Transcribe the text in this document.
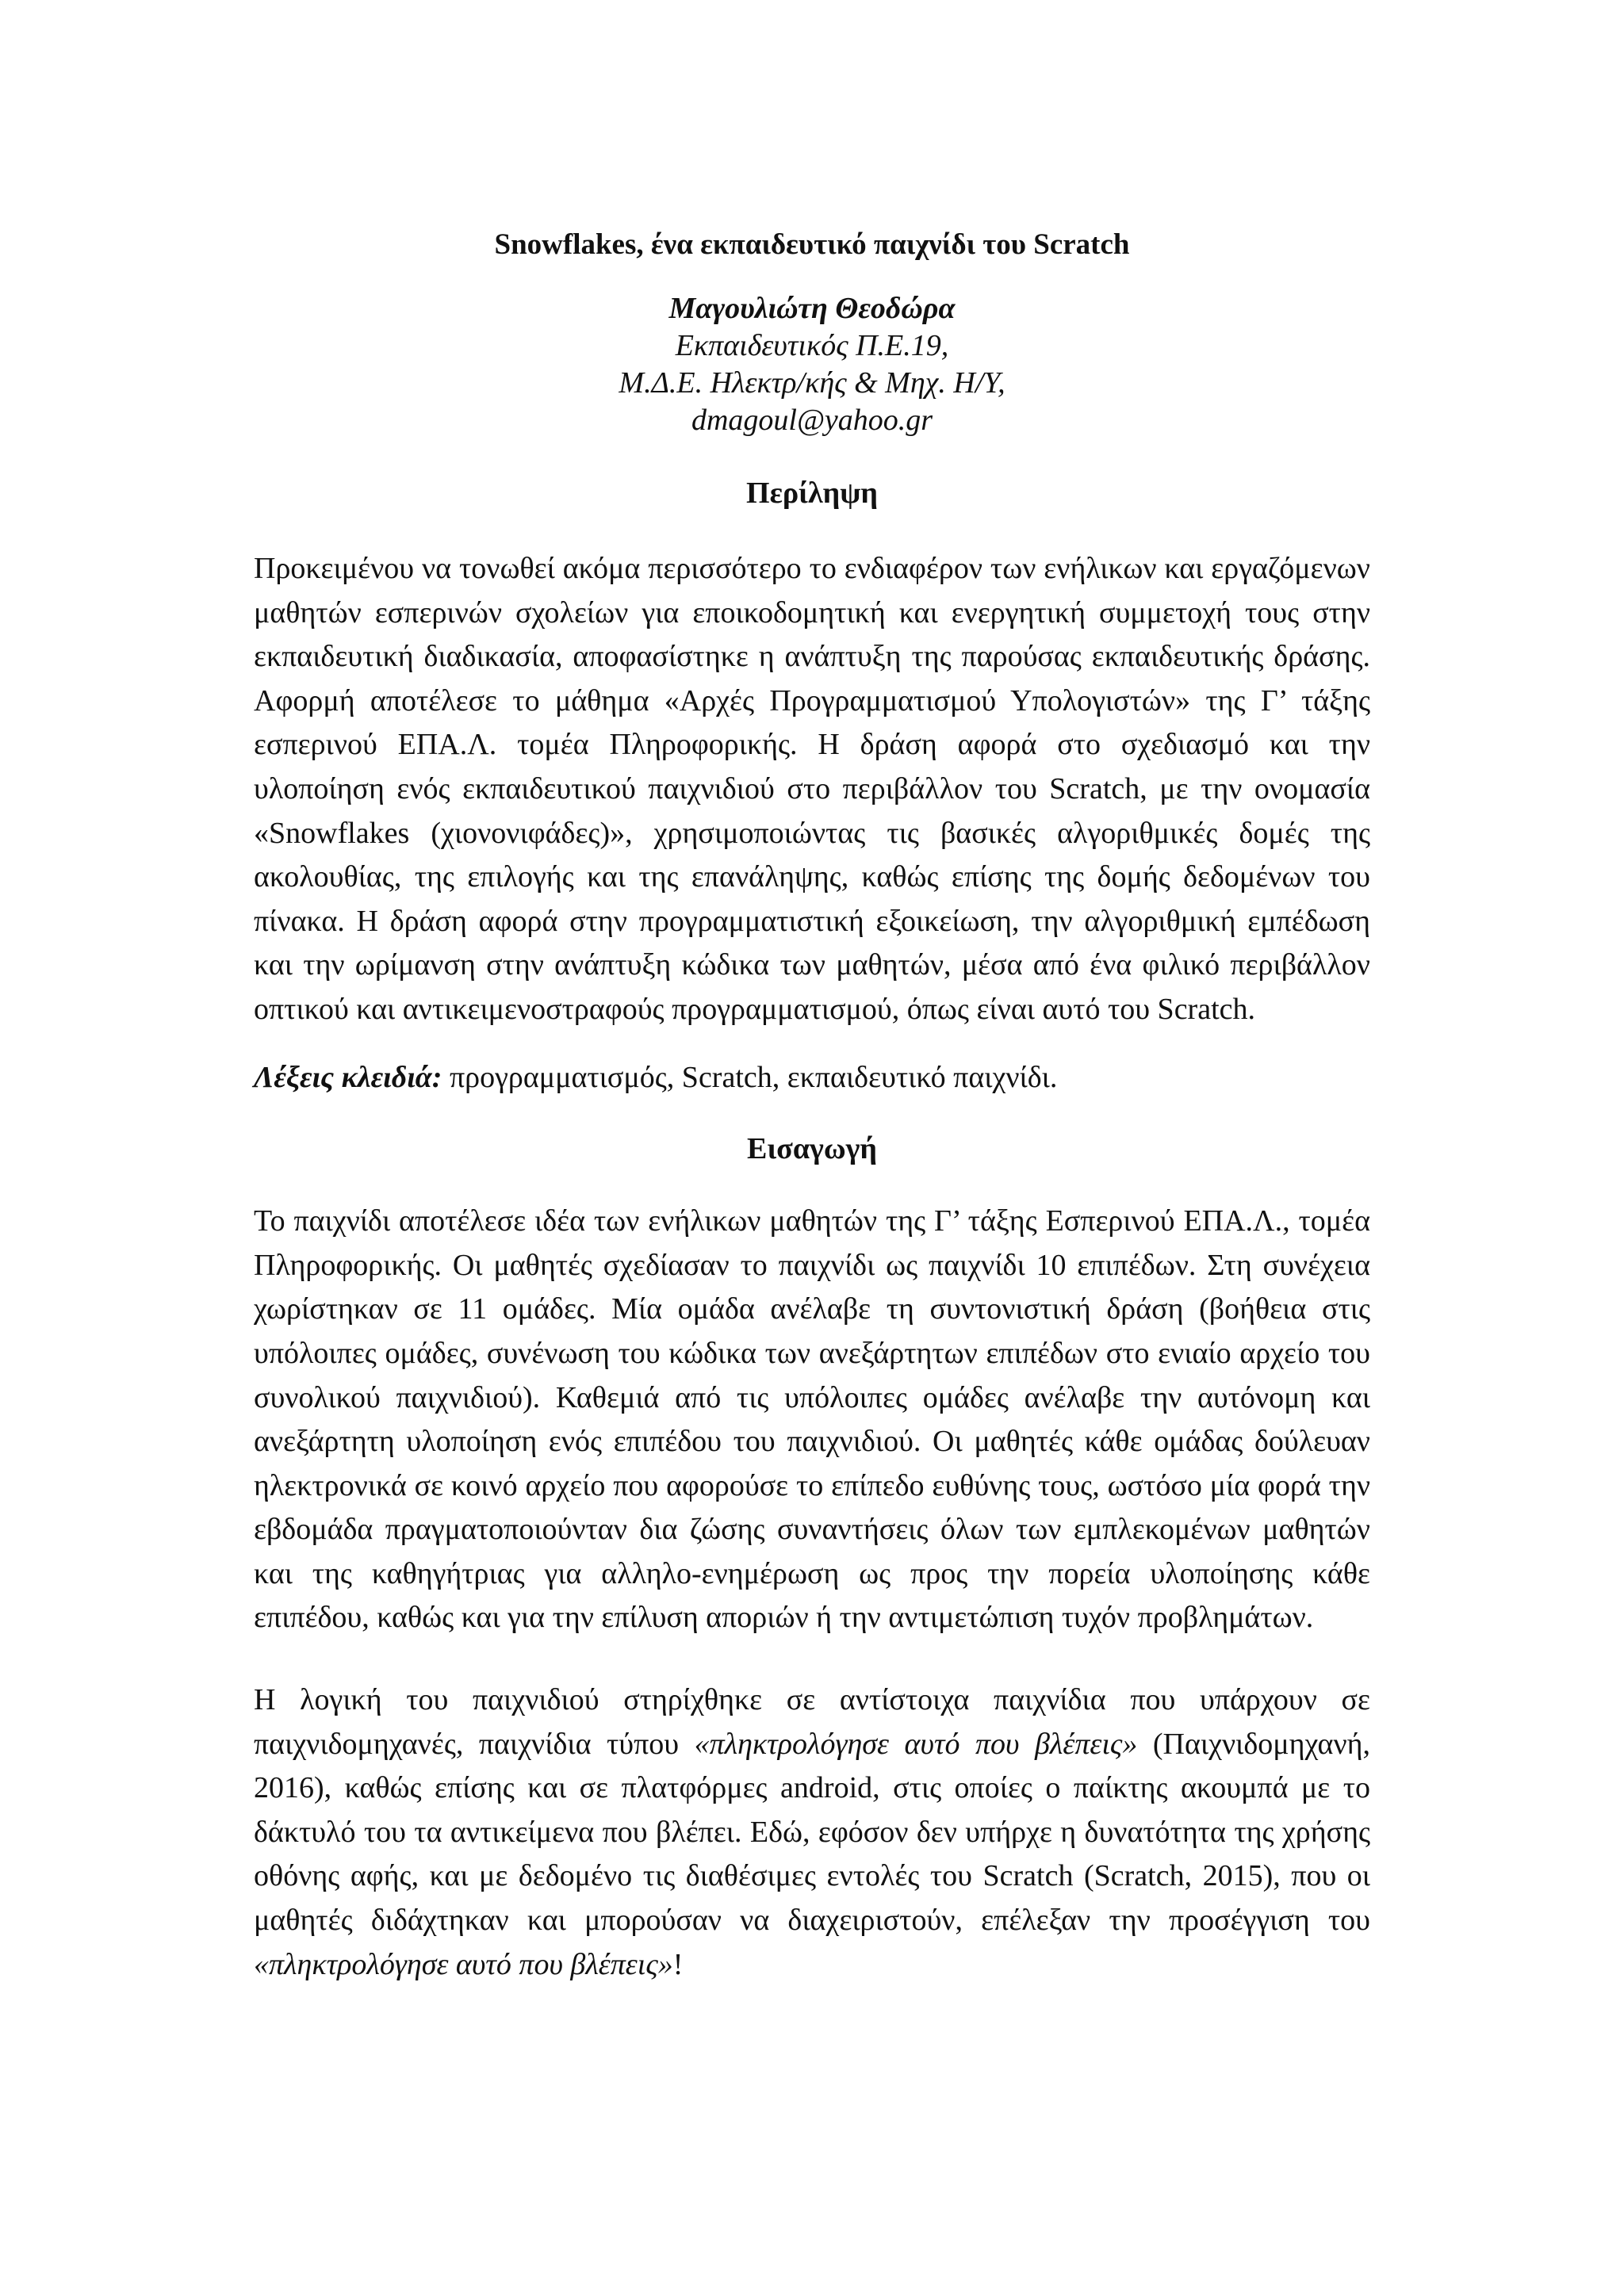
Snowflakes, ένα εκπαιδευτικό παιχνίδι του Scratch
Μαγουλιώτη Θεοδώρα
Εκπαιδευτικός Π.Ε.19,
Μ.Δ.Ε. Ηλεκτρ/κής & Μηχ. Η/Υ,
dmagoul@yahoo.gr
Περίληψη

Προκειμένου να τονωθεί ακόμα περισσότερο το ενδιαφέρον των ενήλικων και εργαζόμενων μαθητών εσπερινών σχολείων για εποικοδομητική και ενεργητική συμμετοχή τους στην εκπαιδευτική διαδικασία, αποφασίστηκε η ανάπτυξη της παρούσας εκπαιδευτικής δράσης. Αφορμή αποτέλεσε το μάθημα «Αρχές Προγραμματισμού Υπολογιστών» της Γ’ τάξης εσπερινού ΕΠΑ.Λ. τομέα Πληροφορικής. Η δράση αφορά στο σχεδιασμό και την υλοποίηση ενός εκπαιδευτικού παιχνιδιού στο περιβάλλον του Scratch, με την ονομασία «Snowflakes (χιονονιφάδες)», χρησιμοποιώντας τις βασικές αλγοριθμικές δομές της ακολουθίας, της επιλογής και της επανάληψης, καθώς επίσης της δομής δεδομένων του πίνακα. Η δράση αφορά στην προγραμματιστική εξοικείωση, την αλγοριθμική εμπέδωση και την ωρίμανση στην ανάπτυξη κώδικα των μαθητών, μέσα από ένα φιλικό περιβάλλον οπτικού και αντικειμενοστραφούς προγραμματισμού, όπως είναι αυτό του Scratch.

Λέξεις κλειδιά: προγραμματισμός, Scratch, εκπαιδευτικό παιχνίδι.

Εισαγωγή

Το παιχνίδι αποτέλεσε ιδέα των ενήλικων μαθητών της Γ’ τάξης Εσπερινού ΕΠΑ.Λ., τομέα Πληροφορικής. Οι μαθητές σχεδίασαν το παιχνίδι ως παιχνίδι 10 επιπέδων. Στη συνέχεια χωρίστηκαν σε 11 ομάδες. Μία ομάδα ανέλαβε τη συντονιστική δράση (βοήθεια στις υπόλοιπες ομάδες, συνένωση του κώδικα των ανεξάρτητων επιπέδων στο ενιαίο αρχείο του συνολικού παιχνιδιού). Καθεμιά από τις υπόλοιπες ομάδες ανέλαβε την αυτόνομη και ανεξάρτητη υλοποίηση ενός επιπέδου του παιχνιδιού. Οι μαθητές κάθε ομάδας δούλευαν ηλεκτρονικά σε κοινό αρχείο που αφορούσε το επίπεδο ευθύνης τους, ωστόσο μία φορά την εβδομάδα πραγματοποιούνταν δια ζώσης συναντήσεις όλων των εμπλεκομένων μαθητών και της καθηγήτριας για αλληλο-ενημέρωση ως προς την πορεία υλοποίησης κάθε επιπέδου, καθώς και για την επίλυση αποριών ή την αντιμετώπιση τυχόν προβλημάτων.

Η λογική του παιχνιδιού στηρίχθηκε σε αντίστοιχα παιχνίδια που υπάρχουν σε παιχνιδομηχανές, παιχνίδια τύπου «πληκτρολόγησε αυτό που βλέπεις» (Παιχνιδομηχανή, 2016), καθώς επίσης και σε πλατφόρμες android, στις οποίες ο παίκτης ακουμπά με το δάκτυλό του τα αντικείμενα που βλέπει. Εδώ, εφόσον δεν υπήρχε η δυνατότητα της χρήσης οθόνης αφής, και με δεδομένο τις διαθέσιμες εντολές του Scratch (Scratch, 2015), που οι μαθητές διδάχτηκαν και μπορούσαν να διαχειριστούν, επέλεξαν την προσέγγιση του «πληκτρολόγησε αυτό που βλέπεις»!
